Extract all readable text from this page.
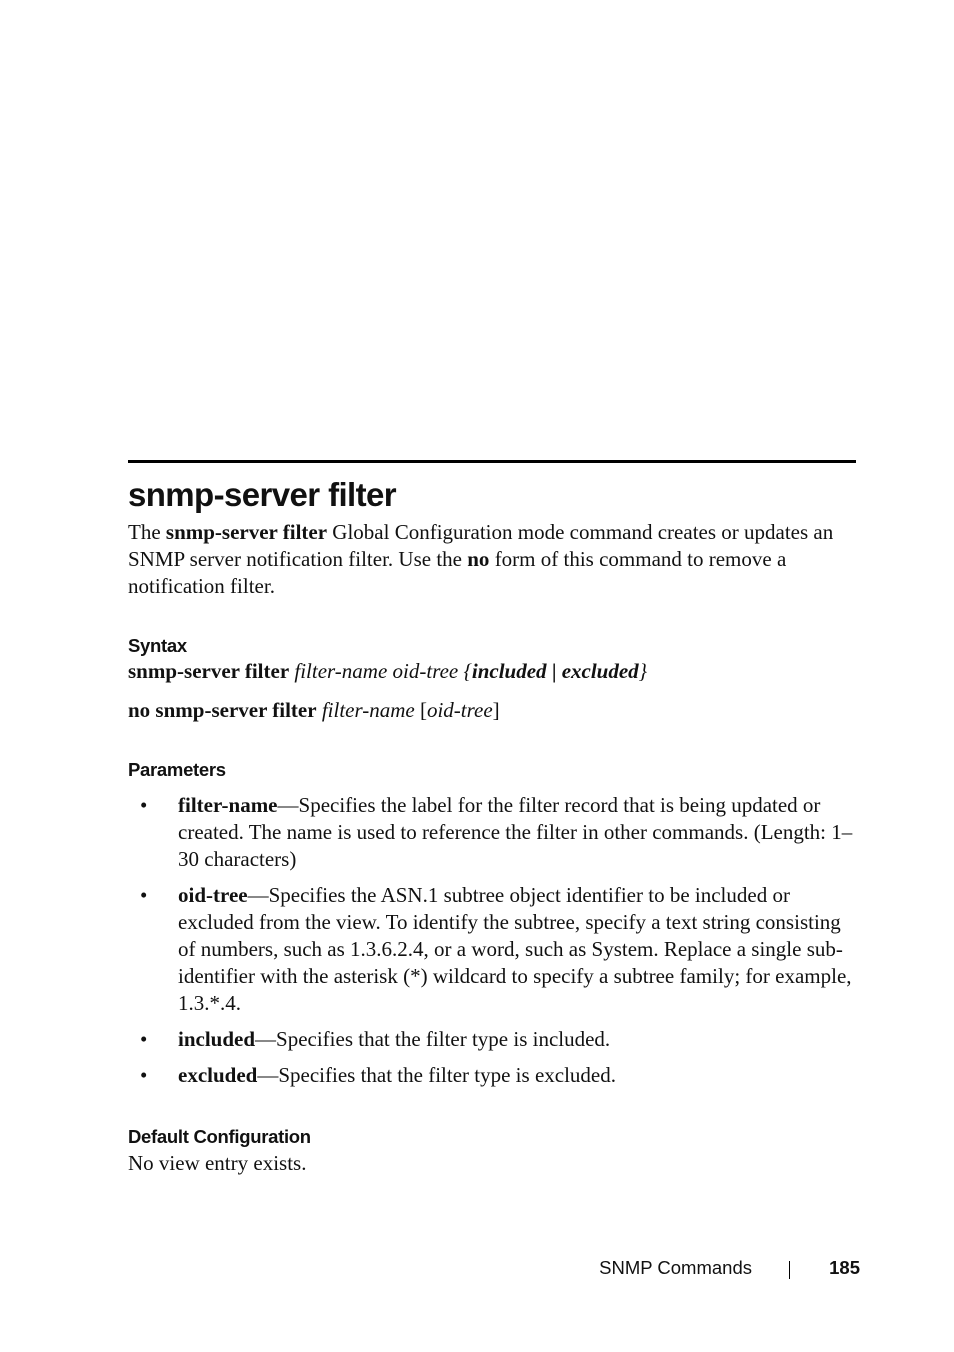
snmp-server filter

The snmp-server filter Global Configuration mode command creates or updates an SNMP server notification filter. Use the no form of this command to remove a notification filter.

Syntax
snmp-server filter filter-name oid-tree {included | excluded}
no snmp-server filter filter-name [oid-tree]
Parameters
• filter-name—Specifies the label for the filter record that is being updated or created. The name is used to reference the filter in other commands. (Length: 1–30 characters)
• oid-tree—Specifies the ASN.1 subtree object identifier to be included or excluded from the view. To identify the subtree, specify a text string consisting of numbers, such as 1.3.6.2.4, or a word, such as System. Replace a single sub-identifier with the asterisk (*) wildcard to specify a subtree family; for example, 1.3.*.4.
• included—Specifies that the filter type is included.
• excluded—Specifies that the filter type is excluded.
Default Configuration

No view entry exists.

SNMP Commands	185
